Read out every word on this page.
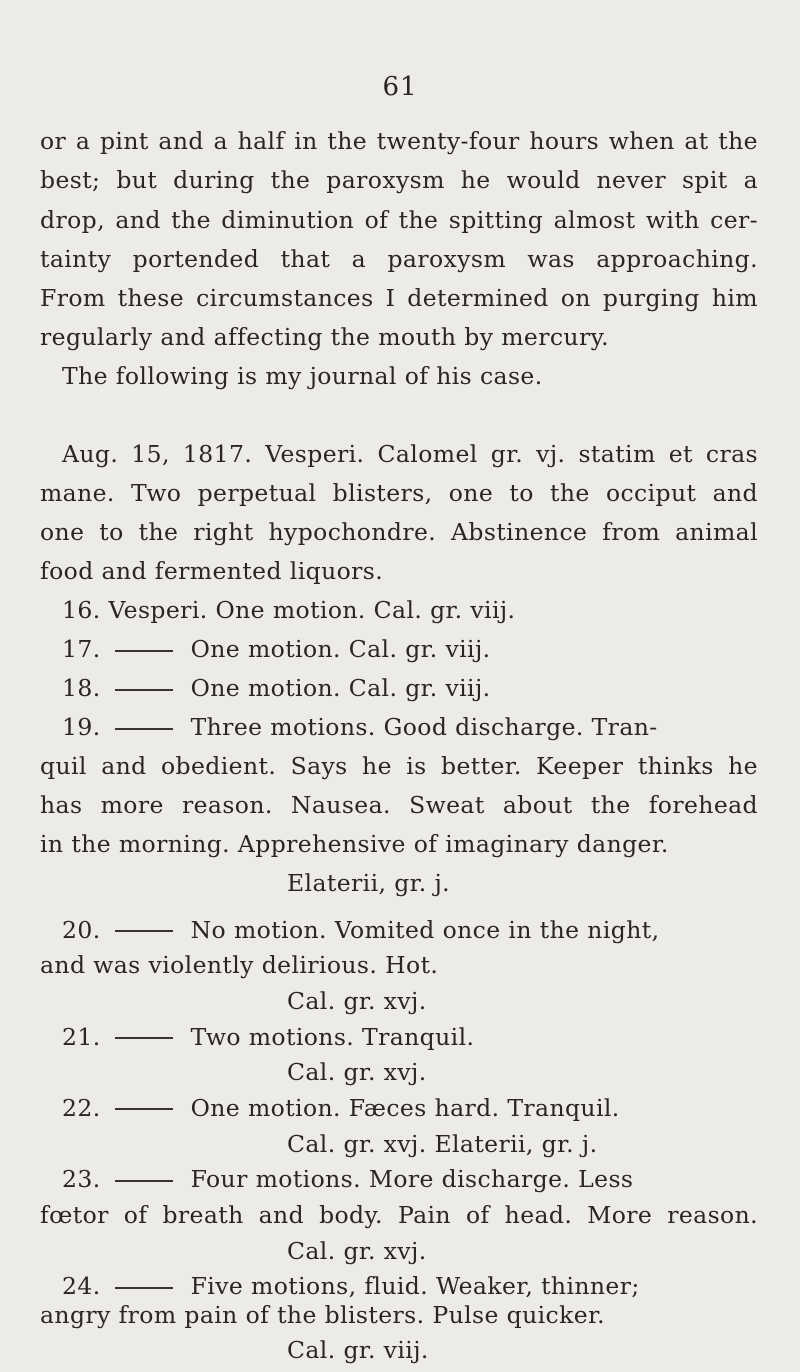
61
or a pint and a half in the twenty-four hours when at the
best; but during the paroxysm he would never spit a
drop, and the diminution of the spitting almost with cer-
tainty portended that a paroxysm was approaching.
From these circumstances I determined on purging him
regularly and affecting the mouth by mercury.
The following is my journal of his case.
Aug. 15, 1817. Vesperi. Calomel gr. vj. statim et cras
mane. Two perpetual blisters, one to the occiput and
one to the right hypochondre. Abstinence from animal
food and fermented liquors.
16. Vesperi. One motion. Cal. gr. viij.
17.	One motion. Cal. gr. viij.
18.	One motion. Cal. gr. viij.
19.	Three motions. Good discharge. Tran-
quil and obedient. Says he is better. Keeper thinks he
has more reason. Nausea. Sweat about the forehead
in the morning. Apprehensive of imaginary danger.
Elaterii, gr. j.
20.	No motion. Vomited once in the night,
and was violently delirious. Hot.
Cal. gr. xvj.
21.	Two motions. Tranquil.
Cal. gr. xvj.
22.	One motion. Fæces hard. Tranquil.
Cal. gr. xvj. Elaterii, gr. j.
23.	Four motions. More discharge. Less
fœtor of breath and body. Pain of head. More reason.
Cal. gr. xvj.
24.	Five motions, fluid. Weaker, thinner;
angry from pain of the blisters. Pulse quicker.
Cal. gr. viij.
